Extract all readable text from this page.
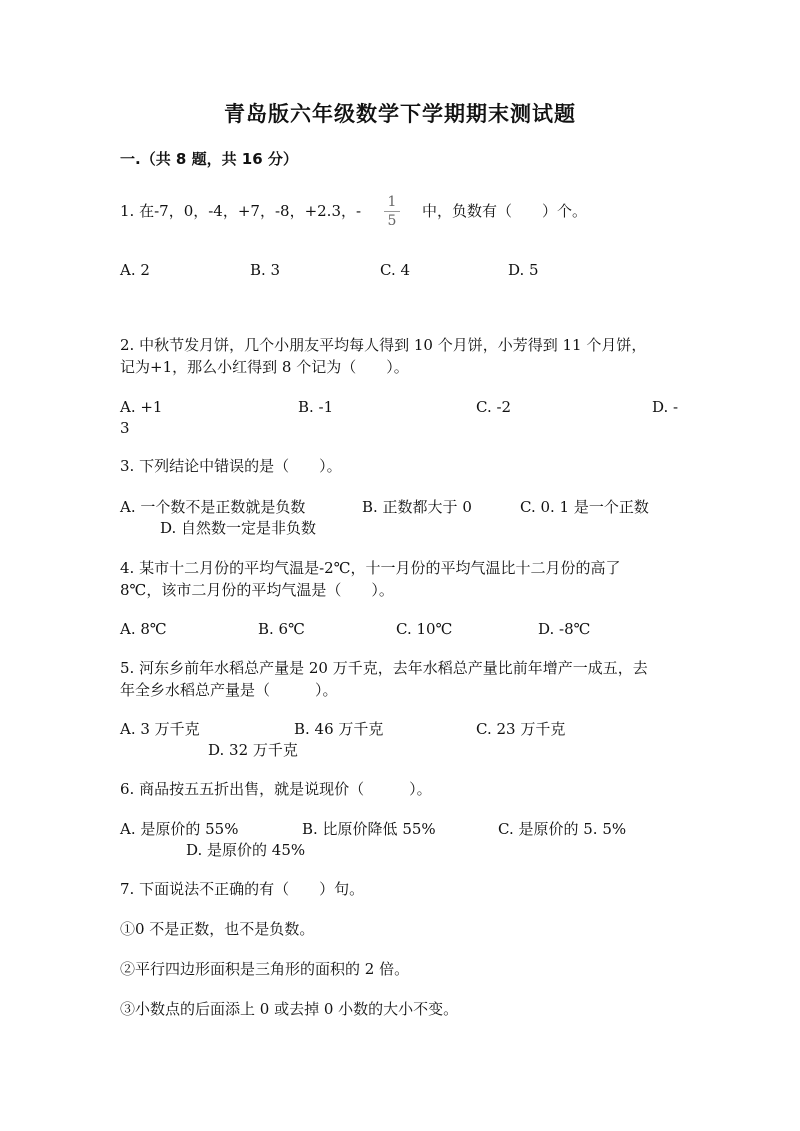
青岛版六年级数学下学期期末测试题
一.（共 8 题，共 16 分）
1. 在-7，0，-4，+7，-8，+2.3，- 1
5
中，负数有（　　）个。
A. 2	B. 3	C. 4	D. 5
2. 中秋节发月饼，几个小朋友平均每人得到 10 个月饼，小芳得到 11 个月饼，
记为+1，那么小红得到 8 个记为（　　）。
A. +1	B. -1	C. -2	D. -
3
3. 下列结论中错误的是（　　）。
A. 一个数不是正数就是负数	B. 正数都大于 0	C. 0. 1 是一个正数
D. 自然数一定是非负数
4. 某市十二月份的平均气温是-2℃，十一月份的平均气温比十二月份的高了
8℃，该市二月份的平均气温是（　　）。
A. 8℃	B. 6℃	C. 10℃	D. -8℃
5. 河东乡前年水稻总产量是 20 万千克，去年水稻总产量比前年增产一成五，去
年全乡水稻总产量是（　　　）。
A. 3 万千克	B. 46 万千克	C. 23 万千克
D. 32 万千克
6. 商品按五五折出售，就是说现价（　　　）。
A. 是原价的 55%	B. 比原价降低 55%	C. 是原价的 5. 5%
D. 是原价的 45%
7. 下面说法不正确的有（　　）句。
①0 不是正数，也不是负数。
②平行四边形面积是三角形的面积的 2 倍。
③小数点的后面添上 0 或去掉 0 小数的大小不变。
